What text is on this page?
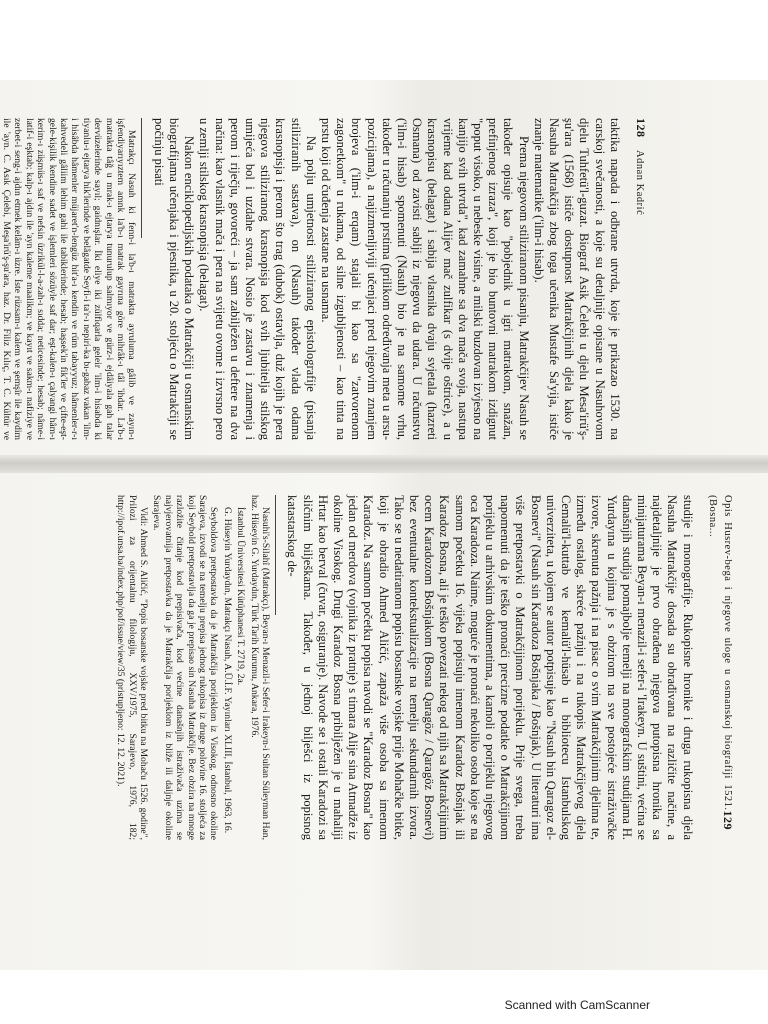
128 Adnan Kadrić

taktika napada i odbrane utvrda, koje je prikazao 1530. na carskoj svečanosti, a koje su detaljnije opisane u Nasuhovom djelu Tuhfetü'l-guzat. Biograf Asik Čelebi u djelu Mesa'irü'ş-şu'ara (1568) ističe dostupnost Matrakčijinih djela kako je Nasuha Matrakčija zbog toga učenika Mustafe Sa'yija, ističe znanje matematike ('ilm-i hisab).

Prema njegovom stiliziranom pisanju, Matrakčijev Nasuh se također opisuje kao "pobjednik u igri matrakom, snažan, prefinjenog izraza", koji je bio buntovni matrakom izdignut "poput visoko, u nebeske visine, a milski buzdovan izvjesno na kanjijo svih utvrda", kad zamahne sa dva mača svoja, nastupa vrijeme kad odana Alijev mač zulfikar (s dvije oštrice), a u krasnopisu (belagat) i sabija vlasnika dvaju svjetala (hazreti Osmana) od zavisti sablji iz njegovu da udara. U računstvu ('ilm-i hisab) spomenuti (Nasuh) bio je na samome vrhu, također u računanju prstima (prilikom određivanja meta u arsu-pozicijama), a najizmenljiviji učenjaci pred njegovim znanjem brojeva ('ilm-i erqam) stajali bi kao sa "zatvorenom zagonetkom" u rukama, od silne izgubljenosti – kao tinta na prstu koji od čuđenja zastane na usnama.

Na polju umjetnosti stiliziranog epistolografije (pisanja stiliziranih sastava), on (Nasuh) također vlada odama krasnopisja i perom što trag (dubok) ostavlja, duž kojih je pera njegova stiliziranog krasnopisja kod svih ljubitelja stilskog umijeća bol i uzdahe stvara. Nosio je zastavu i znamenja i perom i riječju, govoreći – ja sam zabilježen u deftere na dva načina: kao vlasnik mača i pera na svijetu ovome i izvrsno pero u zemlji stilskog krasnopisja (belagat).

Nakon enciklopedijskih podataka o Matrakčiji u osmanskim biografijama učenjaka i pjesnika, u 20. stoljeću o Matrakčiji se počinju pisati

Matrakçı Nasuh ki fenn-i la'b-ı matrakta ayruluma gâlib ve zayın-ı işfendiyarıyıztem amnk la'b-ı matrak gayrına göre mihrâk-ı tâl 'ihdar. La'b-ı matrakta tâğ u mrak-ı ejtarya tunurulup salmıyor ve gürz-i ejdâiyala gah talar dervüzelerinde sayıl; gaidnışlar. İki eliye iki zülfiqarla geleir 'ilm-i hisabda ki tiyanlu-ı ejtarya hik'lerinde ve belâgatde Seyfi-i ta'r-ı nepiri-ka bı-gabaz vakan 'ilm-i hisâbda hâmenler müjaret'n-lengüz hit'a-ı kendin ve rüm tabayyuz; hâmenler-r-ı kahvedeli gâliim lehim gahi ile tabiklerinde; hesab; haşsek'in fik'ler ve çifte-eşt-gele-kişilik kendine sadet ve işlemleri sözüyle saf dar; eşt-kalen-ı çalyangi hâm-ı kerim-ı züşmüs-ı saf ve nefsin üzrikül-l-a-zah-ı sıdda; neticesinde; hesab; nâme-i latif-i eşktab; kalp-ı ajdın ile 'ayn kaleme maalikm; ve kayıt ve sakm-ı nafiziye ve zerbet-i seng-i ajdın etmek kelâm-ı üzre. İste rüzsam-ı kalem ve şemşîr ile kaydim ile 'ayn. C. Asık Çelebi, Meşa'irü'ş-şu'ara, haz. Dr. Filiz Kılıç, T. C. Kültür ve

Opis Husrev-bega i njegove uloge u osmanskoj biografiji 1521. (Bosna...
129

studije i monografije. Rukopisne hronike i druga rukopisna djela Nasuha Matrakčije dosada su obrađivana na različite načine, a najdetaljnije je prvo obrađena njegova putopisna hronika sa minijaturama Beyan-ı menazil-i sefer-i 'Irakeyn. U suštini, većina se današnjih studija pomajbolje temelji na monografskim studijama H. Yurdayına u kojima je s obzirom na sve postojeće istraživačke izvore, skrenuta pažnja i na pisac o svim Matrakčijinim djelima te, između ostalog, skreće pažnju i na rukopis Matrakčijevog djela Cemalü'l-kuttab ve kemalü'l-hüsab u bibliotecu Istanbulskog univerziteta, u kojem se autor potpisuje kao "Nasuh bin Qaragoz el-Bosnevi" (Nasuh sin Karadoza Bošnjaka / Bošnjak). U literaturi ima više pretpostavki o Matrakčijinom porijeklu. Prije svega, treba napomenuti da je teško pronaći precizne podatke o Matrakčijinom porijeklu u arhivskim dokumentima, a kamoli o porijeklu njegovog oca Karadoza. Naime, moguće je pronaći nekoliko osoba koje se na samom početku 16. vijeka popisuju imenom Karadoz Bošnjak ili Karadoz Bosna, ali je teško povezati nekog od njih sa Matrakčijinim ocem Karadozom Bošnjakom (Bosna Qaragöz / Qaragöz Bosnevi) bez eventualne kontekstualizacije na temelju sekundarnih izvora. Tako se u nedatiranom popisu bosanske vojske prije Mohačke bitke, koji je obradio Ahmed Aličić, zapaža više osoba sa imenom Karadoz. Na samom početku popisa navodi se "Karadoz Bosna" kao jedan od merdova (vojnika iz pratnje) s timara Alije sina Atmadže iz okoline Visokog. Drugi Karadoz Bosna pribilježen je u mahaliji Hrtar kao berval (čuvar, osiguranje). Navode se i ostali Karadozi sa sličnim bilješkama. Također, u jednoj bilješci iz popisnog katastarskog de-

Nasuhi's-Silahî (Matrakçı), Beyan-ı Menazil-i Sefer-i Irakeyn-i Sultan Süleyman Han, haz. Hüseyin G. Yurdaydın, Türk Tarih Kurumu, Ankara, 1976.

İstanbul Üniversitesi Kütüphanesi T. 2719, 2a.

G. Hüseyin Yurdaydın, Matrakçı Nasuh, A.Ü.İ.F. Yayınları XLIII, İstanbul, 1963, 16.

Seyboldova pretpostavka da je Matrakčija porijeklom iz Visokog, odnosno okoline Sarajeva, izvodi se na temelju prepisa jednog rukopisa iz druge polovine 16. stoljeća za koji Seybold pretpostavlja da ga je prepisao sin Nasuha Matrakčije. Bez obzira na mnoge razložite čitanje kod prepisivača, kod većine današnjih istraživača uzima se najvjerovatnija pretpostavka da je Matrakčija porijeklom iz bliže ili daljnje okoline Sarajeva.

Vidi: Ahmed S. Aličić, "Popis bosanske vojske pred bitku na Mohaču 1526. godine", Prilozi za orijentalnu filologiju, XXV/1975, Sarajevo, 1976, 182; http://ipof.unsa.ba/index.php/pof/issue/view/35 (pristupljeno: 12. 12. 2021).

Scanned with CamScanner
